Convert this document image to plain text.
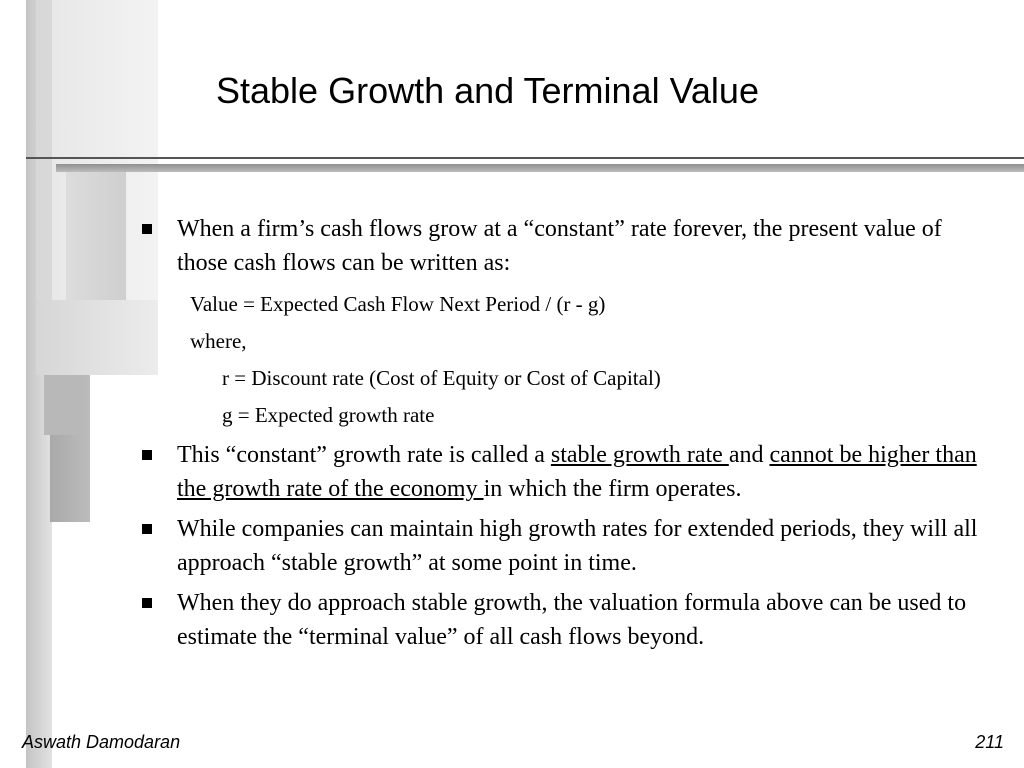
Stable Growth and Terminal Value
When a firm’s cash flows grow at a “constant” rate forever, the present value of those cash flows can be written as:
Value = Expected Cash Flow Next Period / (r - g)
where,
r = Discount rate (Cost of Equity or Cost of Capital)
g = Expected growth rate
This “constant” growth rate is called a stable growth rate and cannot be higher than the growth rate of the economy in which the firm operates.
While companies can maintain high growth rates for extended periods, they will all approach “stable growth” at some point in time.
When they do approach stable growth, the valuation formula above can be used to estimate the “terminal value” of all cash flows beyond.
Aswath Damodaran	211
